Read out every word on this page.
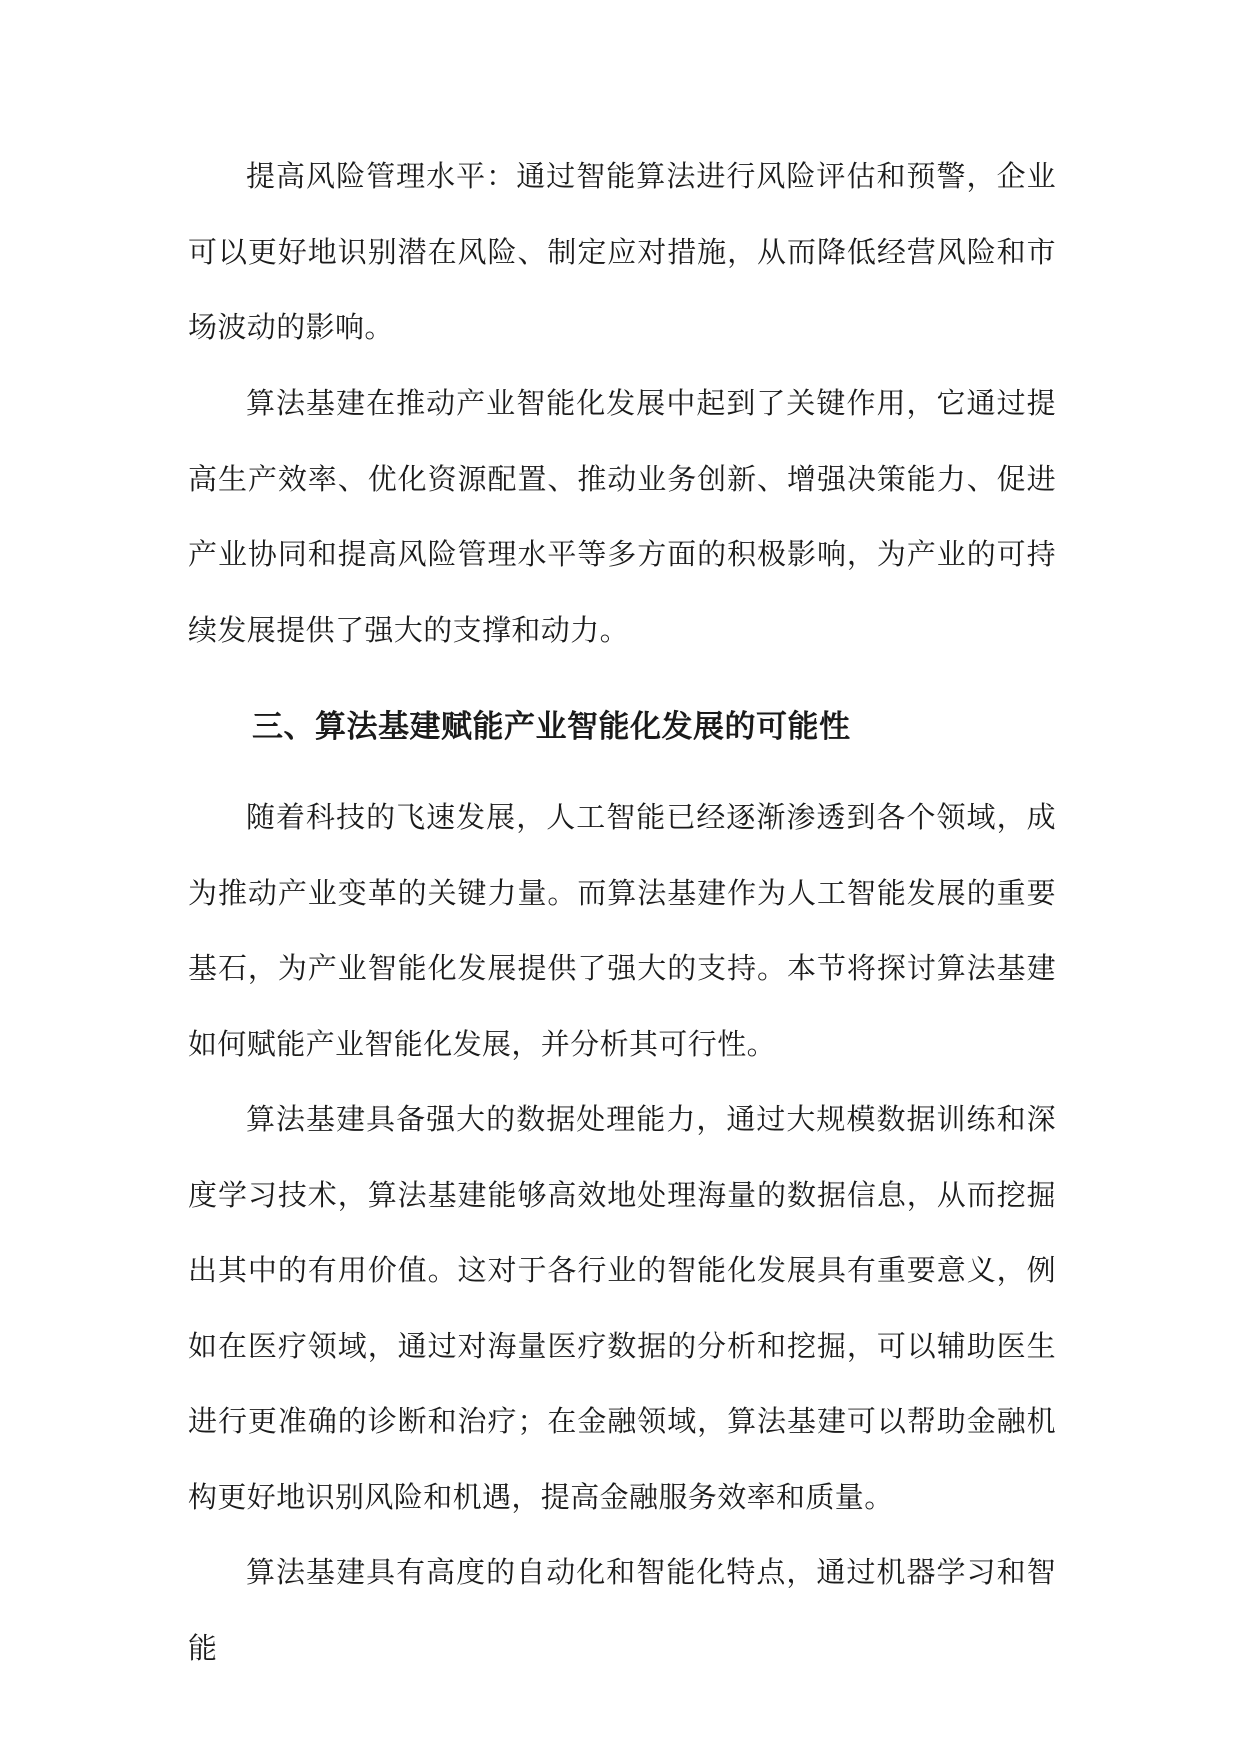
提高风险管理水平：通过智能算法进行风险评估和预警，企业可以更好地识别潜在风险、制定应对措施，从而降低经营风险和市场波动的影响。

算法基建在推动产业智能化发展中起到了关键作用，它通过提高生产效率、优化资源配置、推动业务创新、增强决策能力、促进产业协同和提高风险管理水平等多方面的积极影响，为产业的可持续发展提供了强大的支撑和动力。

三、算法基建赋能产业智能化发展的可能性

随着科技的飞速发展，人工智能已经逐渐渗透到各个领域，成为推动产业变革的关键力量。而算法基建作为人工智能发展的重要基石，为产业智能化发展提供了强大的支持。本节将探讨算法基建如何赋能产业智能化发展，并分析其可行性。

算法基建具备强大的数据处理能力，通过大规模数据训练和深度学习技术，算法基建能够高效地处理海量的数据信息，从而挖掘出其中的有用价值。这对于各行业的智能化发展具有重要意义，例如在医疗领域，通过对海量医疗数据的分析和挖掘，可以辅助医生进行更准确的诊断和治疗；在金融领域，算法基建可以帮助金融机构更好地识别风险和机遇，提高金融服务效率和质量。

算法基建具有高度的自动化和智能化特点，通过机器学习和智能
